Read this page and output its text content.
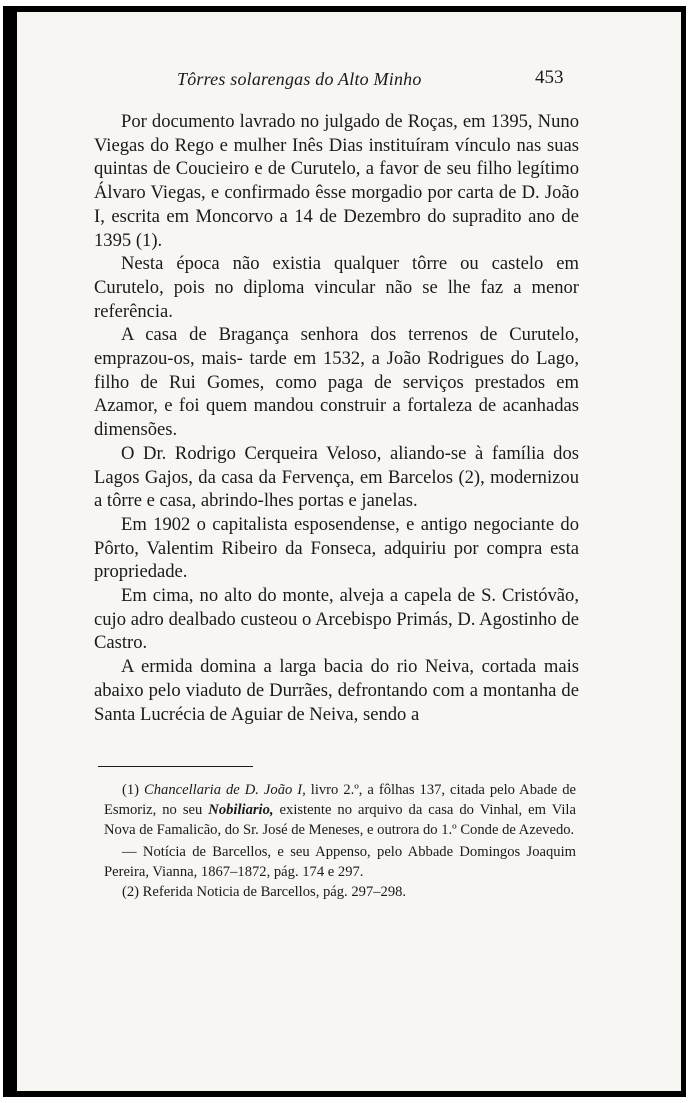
Tôrres solarengas do Alto Minho	453

Por documento lavrado no julgado de Roças, em 1395, Nuno Viegas do Rego e mulher Inês Dias instituíram vínculo nas suas quintas de Coucieiro e de Curutelo, a favor de seu filho legítimo Álvaro Viegas, e confirmado êsse morgadio por carta de D. João I, escrita em Moncorvo a 14 de Dezembro do supradito ano de 1395 (1).

Nesta época não existia qualquer tôrre ou castelo em Curutelo, pois no diploma vincular não se lhe faz a menor referência.

A casa de Bragança senhora dos terrenos de Curutelo, emprazou-os, mais- tarde em 1532, a João Rodrigues do Lago, filho de Rui Gomes, como paga de serviços prestados em Azamor, e foi quem mandou construir a fortaleza de acanhadas dimensões.

O Dr. Rodrigo Cerqueira Veloso, aliando-se à família dos Lagos Gajos, da casa da Fervença, em Barcelos (2), modernizou a tôrre e casa, abrindo-lhes portas e janelas.

Em 1902 o capitalista esposendense, e antigo negociante do Pôrto, Valentim Ribeiro da Fonseca, adquiriu por compra esta propriedade.

Em cima, no alto do monte, alveja a capela de S. Cristóvão, cujo adro dealbado custeou o Arcebispo Primás, D. Agostinho de Castro.

A ermida domina a larga bacia do rio Neiva, cortada mais abaixo pelo viaduto de Durrães, defrontando com a montanha de Santa Lucrécia de Aguiar de Neiva, sendo a

(1) Chancellaria de D. João I, livro 2.º, a fôlhas 137, citada pelo Abade de Esmoriz, no seu Nobiliario, existente no arquivo da casa do Vinhal, em Vila Nova de Famalicão, do Sr. José de Meneses, e outrora do 1.º Conde de Azevedo.

— Notícia de Barcellos, e seu Appenso, pelo Abbade Domingos Joaquim Pereira, Vianna, 1867–1872, pág. 174 e 297.

(2) Referida Noticia de Barcellos, pág. 297–298.
